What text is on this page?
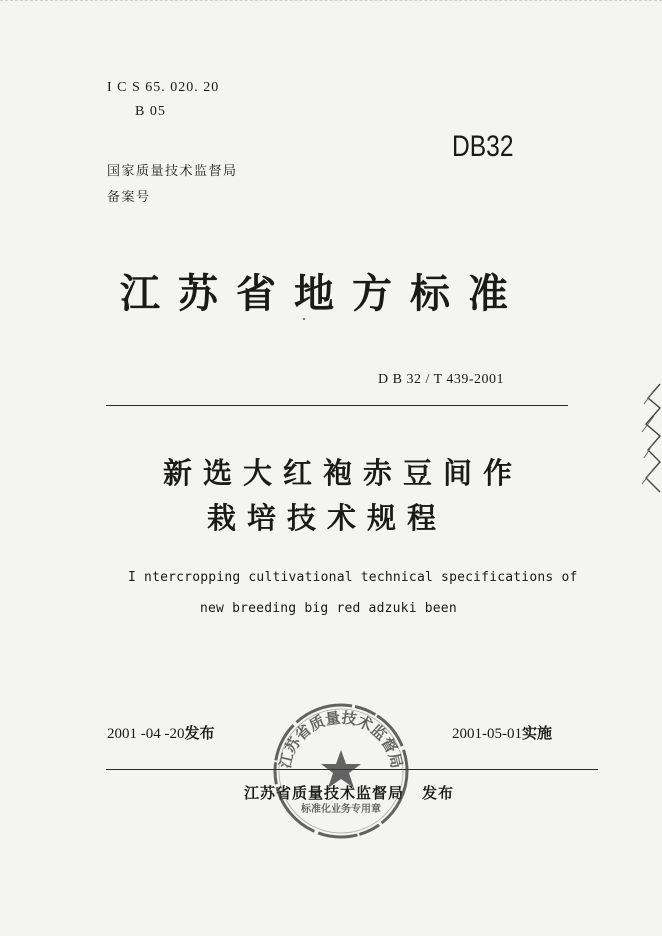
I C S 65. 020. 20
B 05
国家质量技术监督局
备案号
DB32
江苏省地方标准
D B 32 / T 439-2001
新选大红袍赤豆间作
栽培技术规程
I ntercropping cultivational technical specifications of
new breeding big red adzuki been
2001 -04 -20发布	2001-05-01实施
江苏省质量技术监督局 发布
江苏省质量技术监督局
标准化业务专用章
